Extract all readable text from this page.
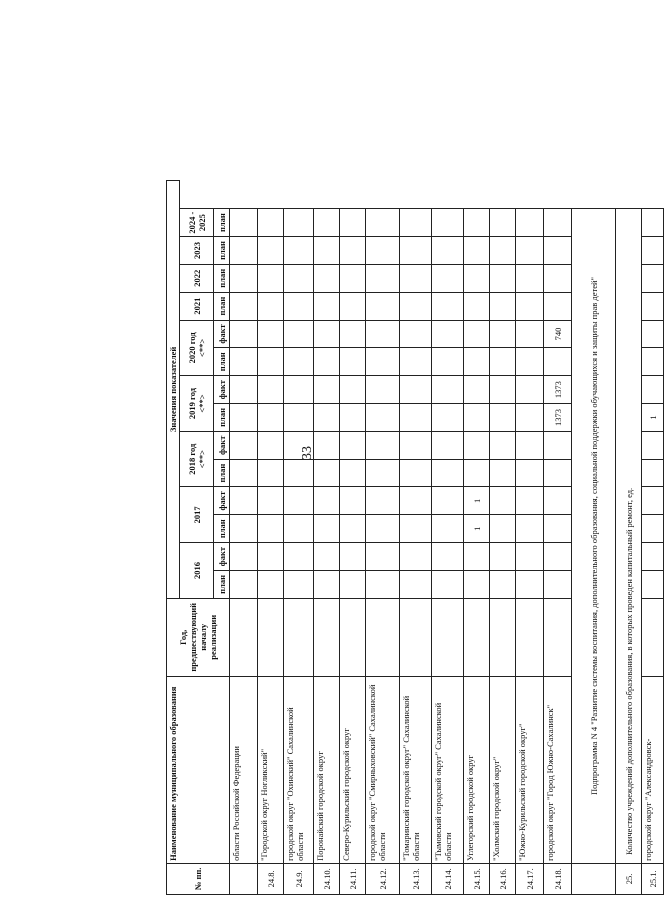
33
№ пп.	Наименование муниципального образования	Год, предшествующий началу реализации	Значения показателей													
			2016		2017		2018 год <**>		2019 год <**>		2020 год <**>		2021	2022	2023	2024 - 2025
			план	факт	план	факт	план	факт	план	факт	план	факт	план	план	план	план
	области Российской Федерации															
24.8.	"Городской округ Ногликский"															
24.9.	городской округ "Охинский" Сахалинской области															
24.10.	Поронайский городской округ															
24.11.	Северо-Курильский городской округ															
24.12.	городской округ "Смирныховский" Сахалинской области															
24.13.	"Томаринский городской округ" Сахалинской области															
24.14.	"Тымовский городской округ" Сахалинской области															
24.15.	Углегорский городской округ				1	1										
24.16.	"Холмский городской округ"															
24.17.	"Южно-Курильский городской округ"															
24.18.	городской округ "Город Южно-Сахалинск"								1373	1373		740				
	Подпрограмма N 4 "Развитие системы воспитания, дополнительного образования, социальной поддержки обучающихся и защиты прав детей"															
25.	Количество учреждений дополнительного образования, в которых проведен капитальный ремонт, ед.															
25.1.	городской округ "Александровск-								1							
